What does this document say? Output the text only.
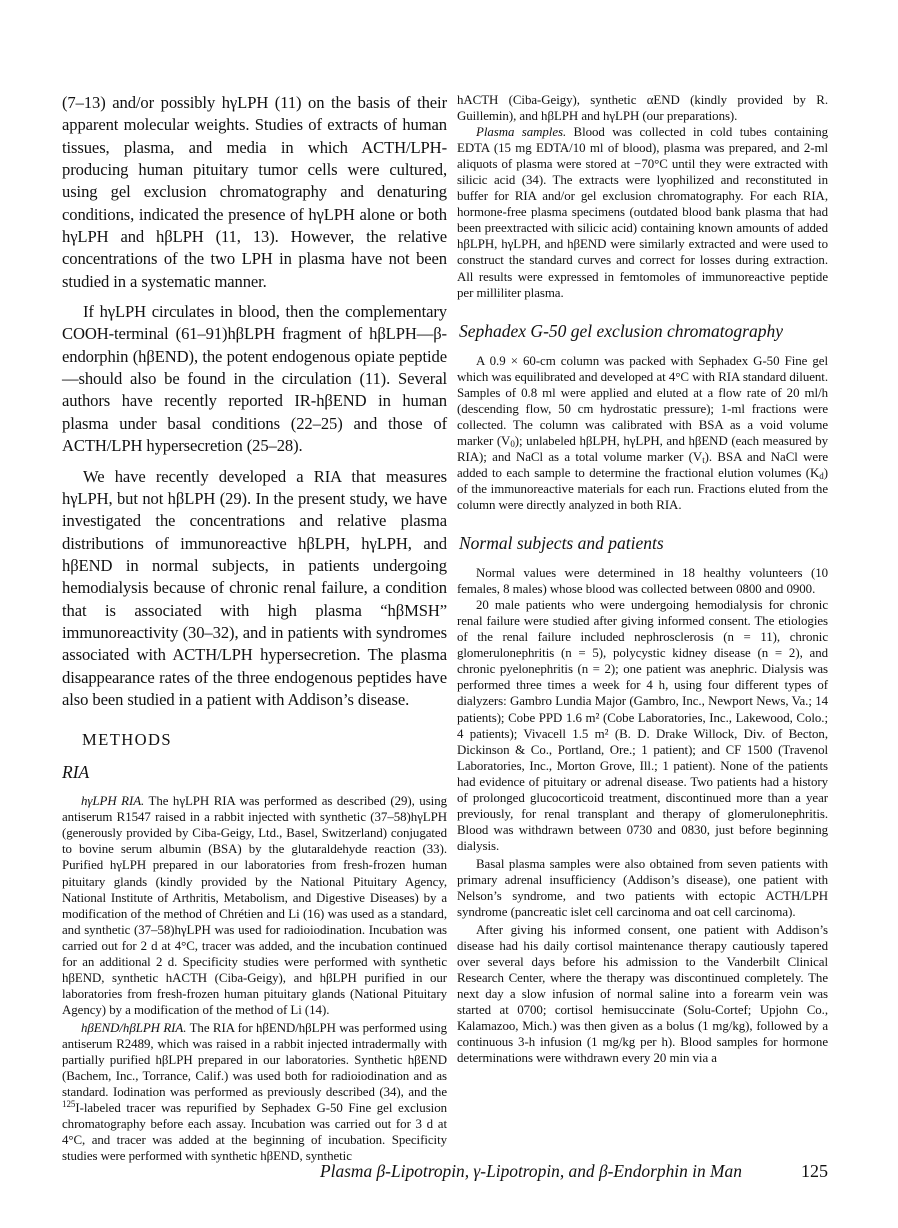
(7–13) and/or possibly hγLPH (11) on the basis of their apparent molecular weights. Studies of extracts of human tissues, plasma, and media in which ACTH/LPH-producing human pituitary tumor cells were cultured, using gel exclusion chromatography and denaturing conditions, indicated the presence of hγLPH alone or both hγLPH and hβLPH (11, 13). However, the relative concentrations of the two LPH in plasma have not been studied in a systematic manner.

If hγLPH circulates in blood, then the complementary COOH-terminal (61–91)hβLPH fragment of hβLPH—β-endorphin (hβEND), the potent endogenous opiate peptide—should also be found in the circulation (11). Several authors have recently reported IR-hβEND in human plasma under basal conditions (22–25) and those of ACTH/LPH hypersecretion (25–28).

We have recently developed a RIA that measures hγLPH, but not hβLPH (29). In the present study, we have investigated the concentrations and relative plasma distributions of immunoreactive hβLPH, hγLPH, and hβEND in normal subjects, in patients undergoing hemodialysis because of chronic renal failure, a condition that is associated with high plasma “hβMSH” immunoreactivity (30–32), and in patients with syndromes associated with ACTH/LPH hypersecretion. The plasma disappearance rates of the three endogenous peptides have also been studied in a patient with Addison’s disease.

METHODS
RIA

hγLPH RIA. The hγLPH RIA was performed as described (29), using antiserum R1547 raised in a rabbit injected with synthetic (37–58)hγLPH (generously provided by Ciba-Geigy, Ltd., Basel, Switzerland) conjugated to bovine serum albumin (BSA) by the glutaraldehyde reaction (33). Purified hγLPH prepared in our laboratories from fresh-frozen human pituitary glands (kindly provided by the National Pituitary Agency, National Institute of Arthritis, Metabolism, and Digestive Diseases) by a modification of the method of Chrétien and Li (16) was used as a standard, and synthetic (37–58)hγLPH was used for radioiodination. Incubation was carried out for 2 d at 4°C, tracer was added, and the incubation continued for an additional 2 d. Specificity studies were performed with synthetic hβEND, synthetic hACTH (Ciba-Geigy), and hβLPH purified in our laboratories from fresh-frozen human pituitary glands (National Pituitary Agency) by a modification of the method of Li (14).

hβEND/hβLPH RIA. The RIA for hβEND/hβLPH was performed using antiserum R2489, which was raised in a rabbit injected intradermally with partially purified hβLPH prepared in our laboratories. Synthetic hβEND (Bachem, Inc., Torrance, Calif.) was used both for radioiodination and as standard. Iodination was performed as previously described (34), and the $^{125}$I-labeled tracer was repurified by Sephadex G-50 Fine gel exclusion chromatography before each assay. Incubation was carried out for 3 d at 4°C, and tracer was added at the beginning of incubation. Specificity studies were performed with synthetic hβEND, synthetic

hACTH (Ciba-Geigy), synthetic αEND (kindly provided by R. Guillemin), and hβLPH and hγLPH (our preparations).

Plasma samples. Blood was collected in cold tubes containing EDTA (15 mg EDTA/10 ml of blood), plasma was prepared, and 2-ml aliquots of plasma were stored at −70°C until they were extracted with silicic acid (34). The extracts were lyophilized and reconstituted in buffer for RIA and/or gel exclusion chromatography. For each RIA, hormone-free plasma specimens (outdated blood bank plasma that had been preextracted with silicic acid) containing known amounts of added hβLPH, hγLPH, and hβEND were similarly extracted and were used to construct the standard curves and correct for losses during extraction. All results were expressed in femtomoles of immunoreactive peptide per milliliter plasma.

Sephadex G-50 gel exclusion chromatography

A 0.9 × 60-cm column was packed with Sephadex G-50 Fine gel which was equilibrated and developed at 4°C with RIA standard diluent. Samples of 0.8 ml were applied and eluted at a flow rate of 20 ml/h (descending flow, 50 cm hydrostatic pressure); 1-ml fractions were collected. The column was calibrated with BSA as a void volume marker $(V_0)$; unlabeled hβLPH, hγLPH, and hβEND (each measured by RIA); and NaCl as a total volume marker $(V_t)$. BSA and NaCl were added to each sample to determine the fractional elution volumes $(K_d)$ of the immunoreactive materials for each run. Fractions eluted from the column were directly analyzed in both RIA.

Normal subjects and patients

Normal values were determined in 18 healthy volunteers (10 females, 8 males) whose blood was collected between 0800 and 0900.

20 male patients who were undergoing hemodialysis for chronic renal failure were studied after giving informed consent. The etiologies of the renal failure included nephrosclerosis (n = 11), chronic glomerulonephritis (n = 5), polycystic kidney disease (n = 2), and chronic pyelonephritis (n = 2); one patient was anephric. Dialysis was performed three times a week for 4 h, using four different types of dialyzers: Gambro Lundia Major (Gambro, Inc., Newport News, Va.; 14 patients); Cobe PPD 1.6 m² (Cobe Laboratories, Inc., Lakewood, Colo.; 4 patients); Vivacell 1.5 m² (B. D. Drake Willock, Div. of Becton, Dickinson & Co., Portland, Ore.; 1 patient); and CF 1500 (Travenol Laboratories, Inc., Morton Grove, Ill.; 1 patient). None of the patients had evidence of pituitary or adrenal disease. Two patients had a history of prolonged glucocorticoid treatment, discontinued more than a year previously, for renal transplant and therapy of glomerulonephritis. Blood was withdrawn between 0730 and 0830, just before beginning dialysis.

Basal plasma samples were also obtained from seven patients with primary adrenal insufficiency (Addison’s disease), one patient with Nelson’s syndrome, and two patients with ectopic ACTH/LPH syndrome (pancreatic islet cell carcinoma and oat cell carcinoma).

After giving his informed consent, one patient with Addison’s disease had his daily cortisol maintenance therapy cautiously tapered over several days before his admission to the Vanderbilt Clinical Research Center, where the therapy was discontinued completely. The next day a slow infusion of normal saline into a forearm vein was started at 0700; cortisol hemisuccinate (Solu-Cortef; Upjohn Co., Kalamazoo, Mich.) was then given as a bolus (1 mg/kg), followed by a continuous 3-h infusion (1 mg/kg per h). Blood samples for hormone determinations were withdrawn every 20 min via a

Plasma β-Lipotropin, γ-Lipotropin, and β-Endorphin in Man	125
